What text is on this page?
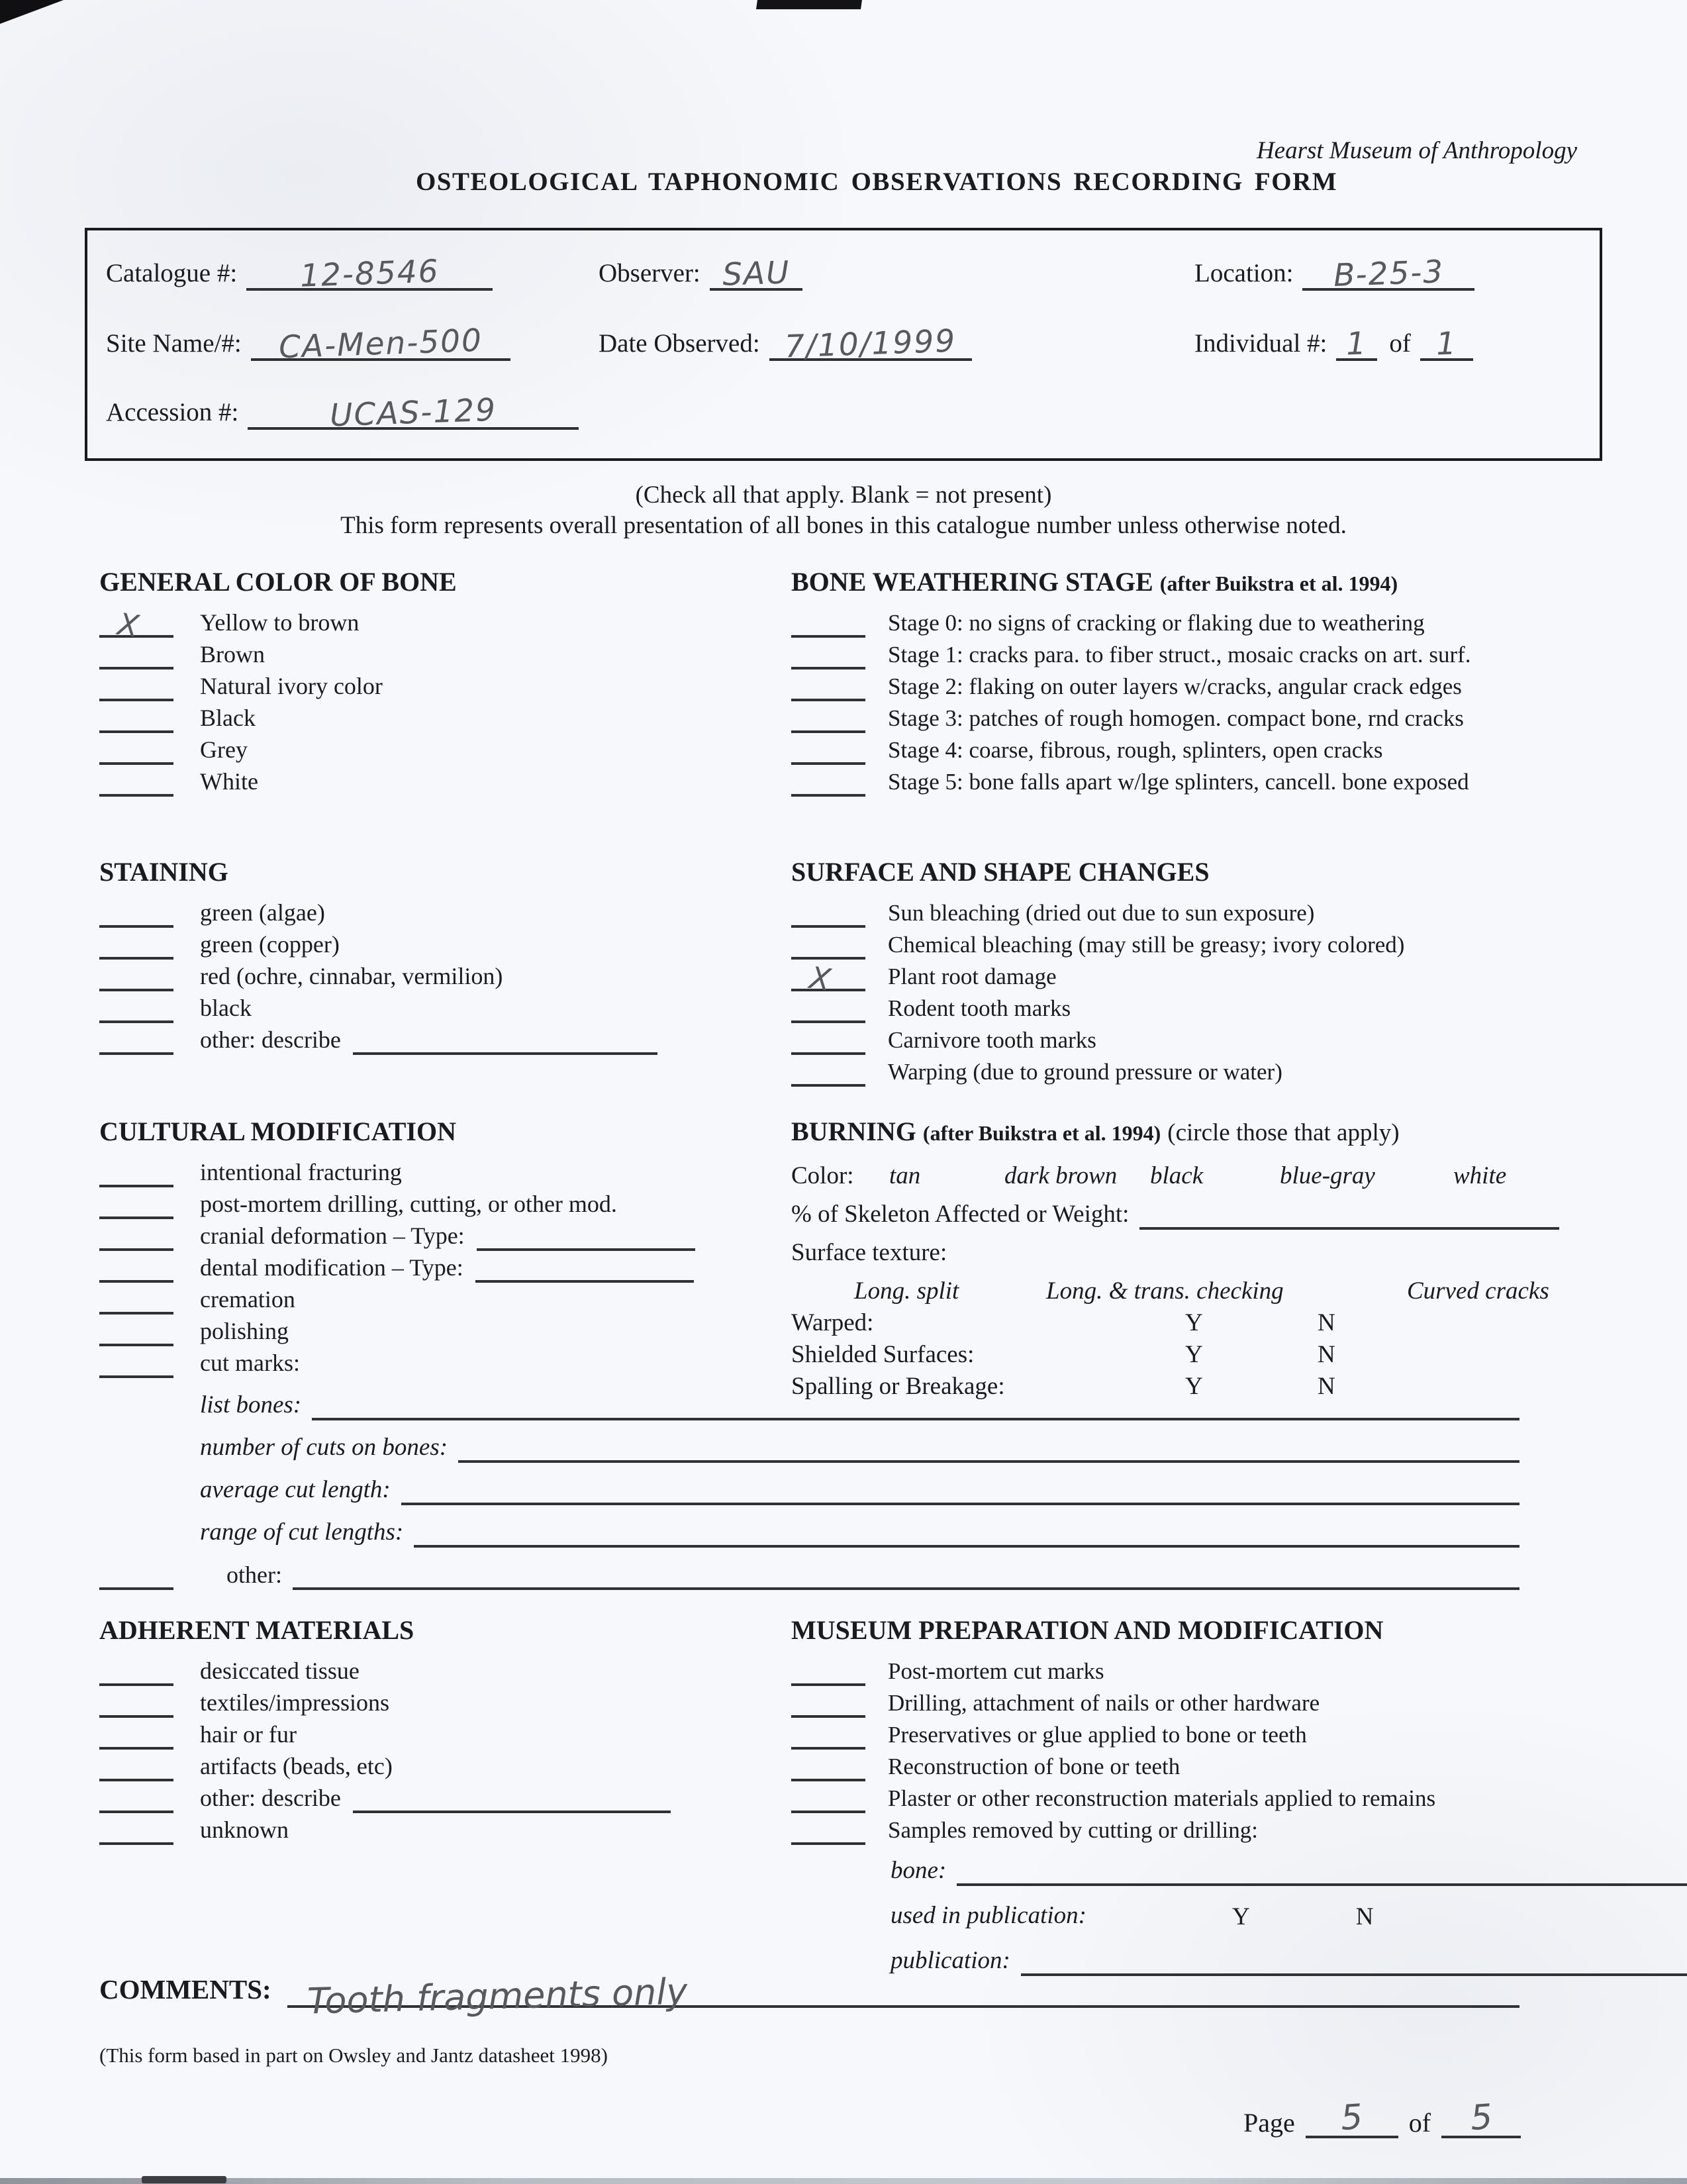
Hearst Museum of Anthropology
OSTEOLOGICAL TAPHONOMIC OBSERVATIONS RECORDING FORM
Catalogue #:	12-8546	Observer: SAU	Location:	B-25-3
Site Name/#:	CA-Men-500	Date Observed: 7/10/1999	Individual #: 1 of 1
Accession #:	UCAS-129
(Check all that apply. Blank = not present)
This form represents overall presentation of all bones in this catalogue number unless otherwise noted.
GENERAL COLOR OF BONE
X Yellow to brown
Brown
Natural ivory color
Black
Grey
White
BONE WEATHERING STAGE (after Buikstra et al. 1994)
Stage 0: no signs of cracking or flaking due to weathering
Stage 1: cracks para. to fiber struct., mosaic cracks on art. surf.
Stage 2: flaking on outer layers w/cracks, angular crack edges
Stage 3: patches of rough homogen. compact bone, rnd cracks
Stage 4: coarse, fibrous, rough, splinters, open cracks
Stage 5: bone falls apart w/lge splinters, cancell. bone exposed
STAINING
green (algae)
green (copper)
red (ochre, cinnabar, vermilion)
black
other: describe
SURFACE AND SHAPE CHANGES
Sun bleaching (dried out due to sun exposure)
Chemical bleaching (may still be greasy; ivory colored)
X Plant root damage
Rodent tooth marks
Carnivore tooth marks
Warping (due to ground pressure or water)
CULTURAL MODIFICATION
intentional fracturing
post-mortem drilling, cutting, or other mod.
cranial deformation – Type:
dental modification – Type:
cremation
polishing
cut marks:
list bones:
number of cuts on bones:
average cut length:
range of cut lengths:
other:
BURNING (after Buikstra et al. 1994) (circle those that apply)
Color: tan	dark brown black	blue-gray	white
% of Skeleton Affected or Weight:
Surface texture:
Long. split	Long. & trans. checking	Curved cracks
Warped:	Y	N
Shielded Surfaces:	Y	N
Spalling or Breakage:	Y	N
ADHERENT MATERIALS
desiccated tissue
textiles/impressions
hair or fur
artifacts (beads, etc)
other: describe
unknown
MUSEUM PREPARATION AND MODIFICATION
Post-mortem cut marks
Drilling, attachment of nails or other hardware
Preservatives or glue applied to bone or teeth
Reconstruction of bone or teeth
Plaster or other reconstruction materials applied to remains
Samples removed by cutting or drilling:
bone:
used in publication:	Y	N
publication:
COMMENTS: Tooth fragments only
(This form based in part on Owsley and Jantz datasheet 1998)
Page	5	of	5
